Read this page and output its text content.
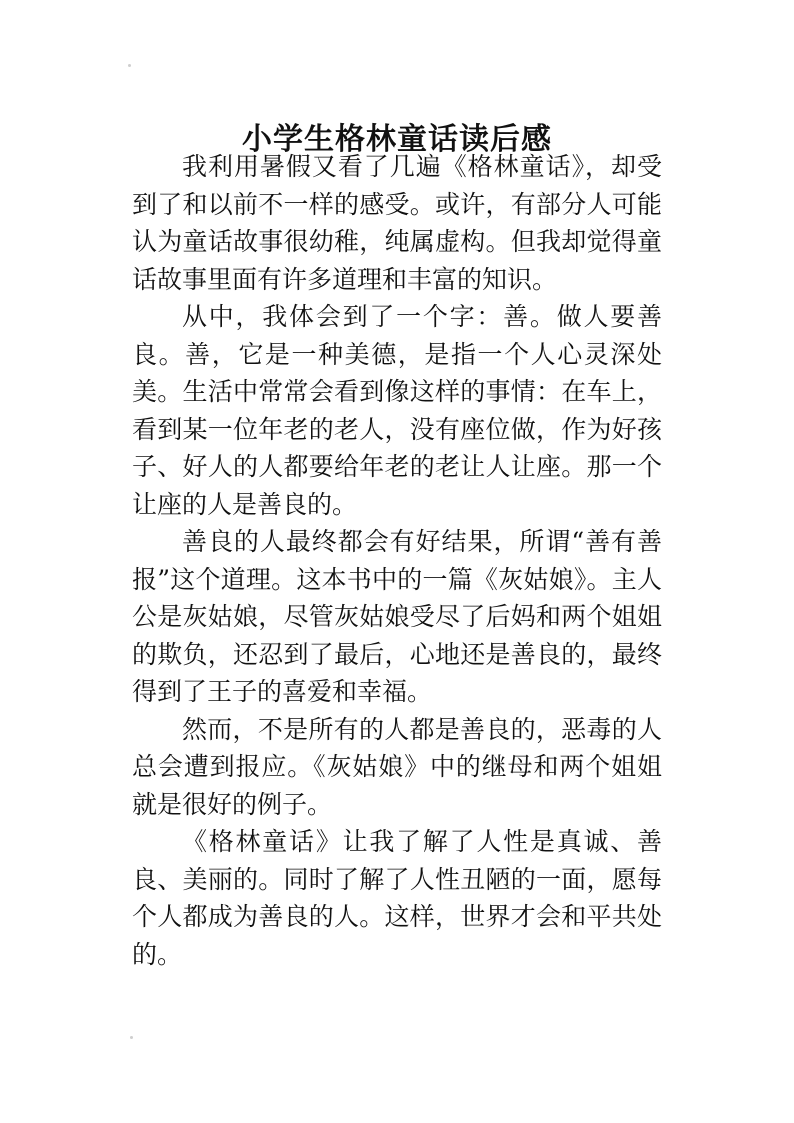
小学生格林童话读后感

我利用暑假又看了几遍《格林童话》，却受到了和以前不一样的感受。或许，有部分人可能认为童话故事很幼稚，纯属虚构。但我却觉得童话故事里面有许多道理和丰富的知识。

从中，我体会到了一个字：善。做人要善良。善，它是一种美德，是指一个人心灵深处美。生活中常常会看到像这样的事情：在车上，看到某一位年老的老人，没有座位做，作为好孩子、好人的人都要给年老的老让人让座。那一个让座的人是善良的。

善良的人最终都会有好结果，所谓“善有善报”这个道理。这本书中的一篇《灰姑娘》。主人公是灰姑娘，尽管灰姑娘受尽了后妈和两个姐姐的欺负，还忍到了最后，心地还是善良的，最终得到了王子的喜爱和幸福。

然而，不是所有的人都是善良的，恶毒的人总会遭到报应。《灰姑娘》中的继母和两个姐姐就是很好的例子。

《格林童话》让我了解了人性是真诚、善良、美丽的。同时了解了人性丑陋的一面，愿每个人都成为善良的人。这样，世界才会和平共处的。
